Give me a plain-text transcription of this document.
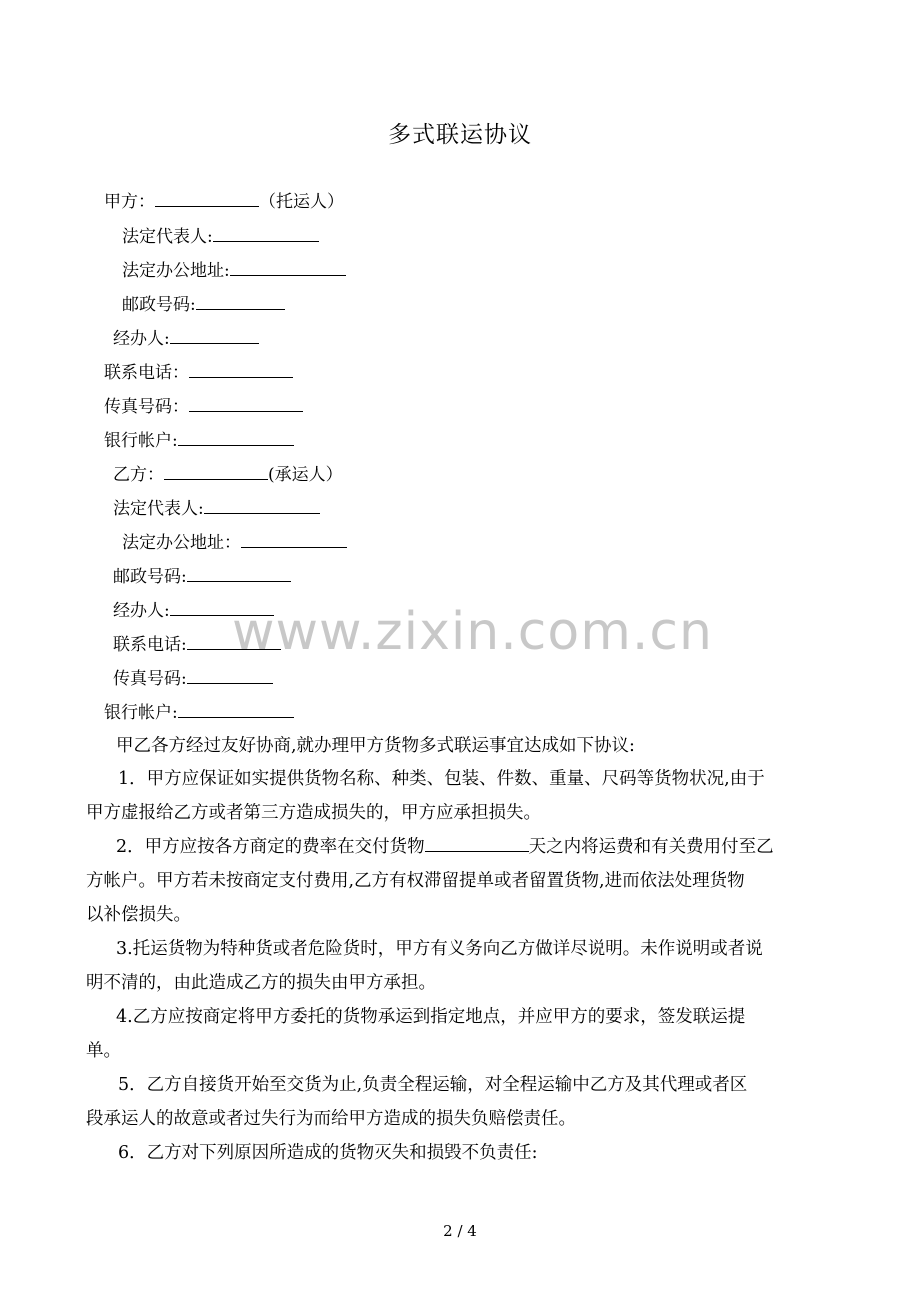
多式联运协议
甲方：	（托运人）
法定代表人:
法定办公地址:
邮政号码:
经办人:
联系电话：
传真号码：
银行帐户:
乙方：	(承运人）
法定代表人:
法定办公地址：
邮政号码:
经办人:
联系电话:
传真号码:
银行帐户:
甲乙各方经过友好协商,就办理甲方货物多式联运事宜达成如下协议:
1．甲方应保证如实提供货物名称、种类、包装、件数、重量、尺码等货物状况,由于
甲方虚报给乙方或者第三方造成损失的，甲方应承担损失。
2．甲方应按各方商定的费率在交付货物	天之内将运费和有关费用付至乙
方帐户。甲方若未按商定支付费用,乙方有权滞留提单或者留置货物,进而依法处理货物
以补偿损失。
3.托运货物为特种货或者危险货时，甲方有义务向乙方做详尽说明。未作说明或者说
明不清的，由此造成乙方的损失由甲方承担。
4.乙方应按商定将甲方委托的货物承运到指定地点，并应甲方的要求，签发联运提
单。
5．乙方自接货开始至交货为止,负责全程运输，对全程运输中乙方及其代理或者区
段承运人的故意或者过失行为而给甲方造成的损失负赔偿责任。
6．乙方对下列原因所造成的货物灭失和损毁不负责任:
www.zixin.com.cn
2 / 4
